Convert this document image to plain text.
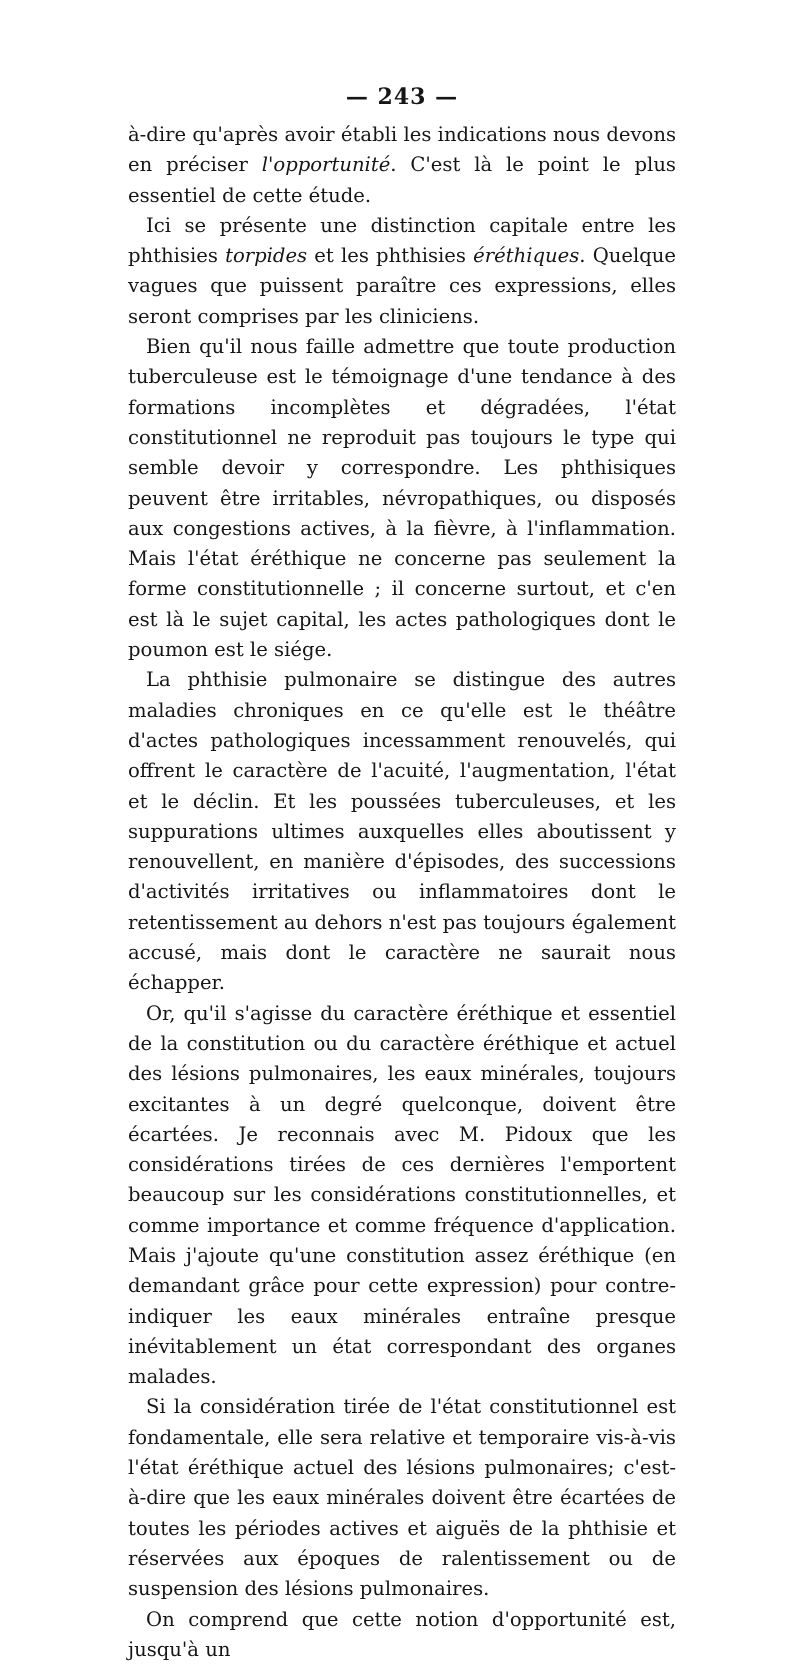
— 243 —

à-dire qu'après avoir établi les indications nous devons en préciser l'opportunité. C'est là le point le plus essentiel de cette étude.

Ici se présente une distinction capitale entre les phthisies torpides et les phthisies éréthiques. Quelque vagues que puissent paraître ces expressions, elles seront comprises par les cliniciens.

Bien qu'il nous faille admettre que toute production tuberculeuse est le témoignage d'une tendance à des formations incomplètes et dégradées, l'état constitutionnel ne reproduit pas toujours le type qui semble devoir y correspondre. Les phthisiques peuvent être irritables, névropathiques, ou disposés aux congestions actives, à la fièvre, à l'inflammation. Mais l'état éréthique ne concerne pas seulement la forme constitutionnelle ; il concerne surtout, et c'en est là le sujet capital, les actes pathologiques dont le poumon est le siége.

La phthisie pulmonaire se distingue des autres maladies chroniques en ce qu'elle est le théâtre d'actes pathologiques incessamment renouvelés, qui offrent le caractère de l'acuité, l'augmentation, l'état et le déclin. Et les poussées tuberculeuses, et les suppurations ultimes auxquelles elles aboutissent y renouvellent, en manière d'épisodes, des successions d'activités irritatives ou inflammatoires dont le retentissement au dehors n'est pas toujours également accusé, mais dont le caractère ne saurait nous échapper.

Or, qu'il s'agisse du caractère éréthique et essentiel de la constitution ou du caractère éréthique et actuel des lésions pulmonaires, les eaux minérales, toujours excitantes à un degré quelconque, doivent être écartées. Je reconnais avec M. Pidoux que les considérations tirées de ces dernières l'emportent beaucoup sur les considérations constitutionnelles, et comme importance et comme fréquence d'application. Mais j'ajoute qu'une constitution assez éréthique (en demandant grâce pour cette expression) pour contre-indiquer les eaux minérales entraîne presque inévitablement un état correspondant des organes malades.

Si la considération tirée de l'état constitutionnel est fondamentale, elle sera relative et temporaire vis-à-vis l'état éréthique actuel des lésions pulmonaires; c'est-à-dire que les eaux minérales doivent être écartées de toutes les périodes actives et aiguës de la phthisie et réservées aux époques de ralentissement ou de suspension des lésions pulmonaires.

On comprend que cette notion d'opportunité est, jusqu'à un
